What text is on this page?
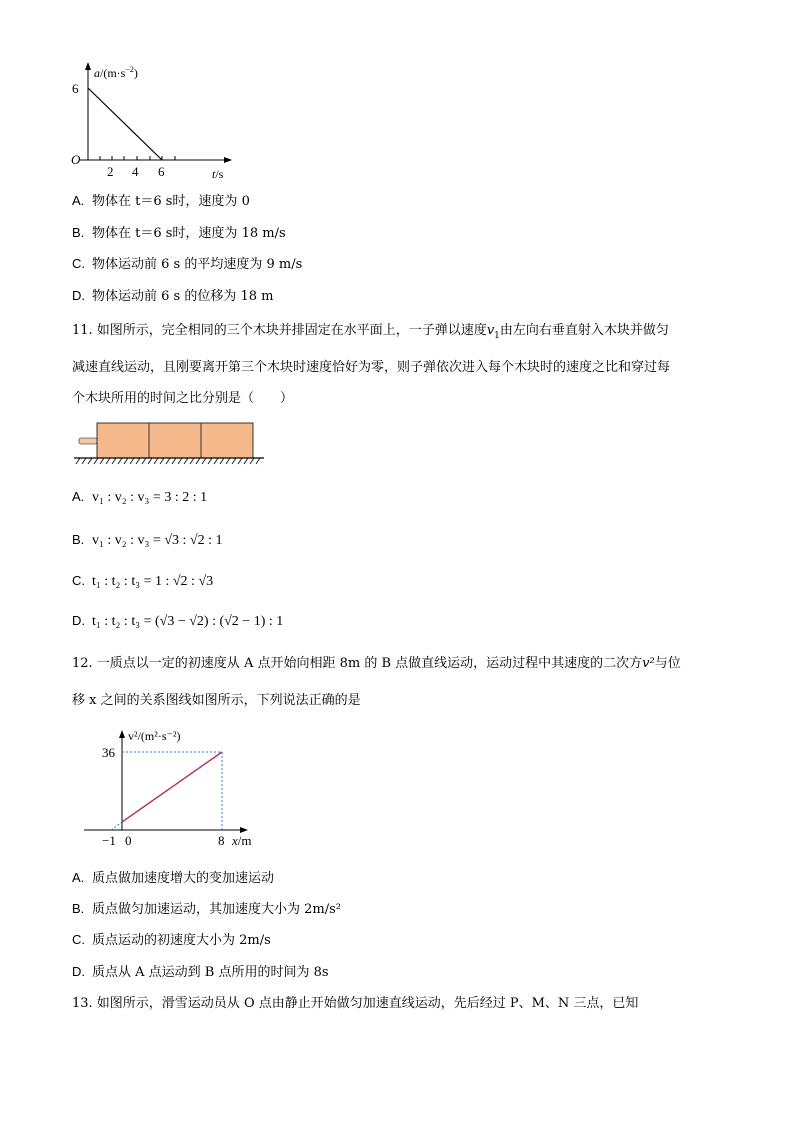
$a/(m\cdot s^{-2})$
6
O
2 4 6	t/s
A. 物体在 t＝6 s时，速度为 0
B. 物体在 t＝6 s时，速度为 18 m/s
C. 物体运动前 6 s 的平均速度为 9 m/s
D. 物体运动前 6 s 的位移为 18 m
11. 如图所示，完全相同的三个木块并排固定在水平面上，一子弹以速度$v_1$由左向右垂直射入木块并做匀
减速直线运动，且刚要离开第三个木块时速度恰好为零，则子弹依次进入每个木块时的速度之比和穿过每
个木块所用的时间之比分别是（　　）
A. v₁ : v₂ : v₃ = 3 : 2 : 1
B. v₁ : v₂ : v₃ = √3 : √2 : 1
C. t₁ : t₂ : t₃ = 1 : √2 : √3
D. t₁ : t₂ : t₃ = (√3 − √2) : (√2 − 1) : 1
12. 一质点以一定的初速度从 A 点开始向相距 8m 的 B 点做直线运动，运动过程中其速度的二次方v²与位
移 x 之间的关系图线如图所示，下列说法正确的是
v²/(m²·s⁻²)
36
−1 0	8 x/m
A. 质点做加速度增大的变加速运动
B. 质点做匀加速运动，其加速度大小为 2m/s²
C. 质点运动的初速度大小为 2m/s
D. 质点从 A 点运动到 B 点所用的时间为 8s
13. 如图所示，滑雪运动员从 O 点由静止开始做匀加速直线运动，先后经过 P、M、N 三点，已知
